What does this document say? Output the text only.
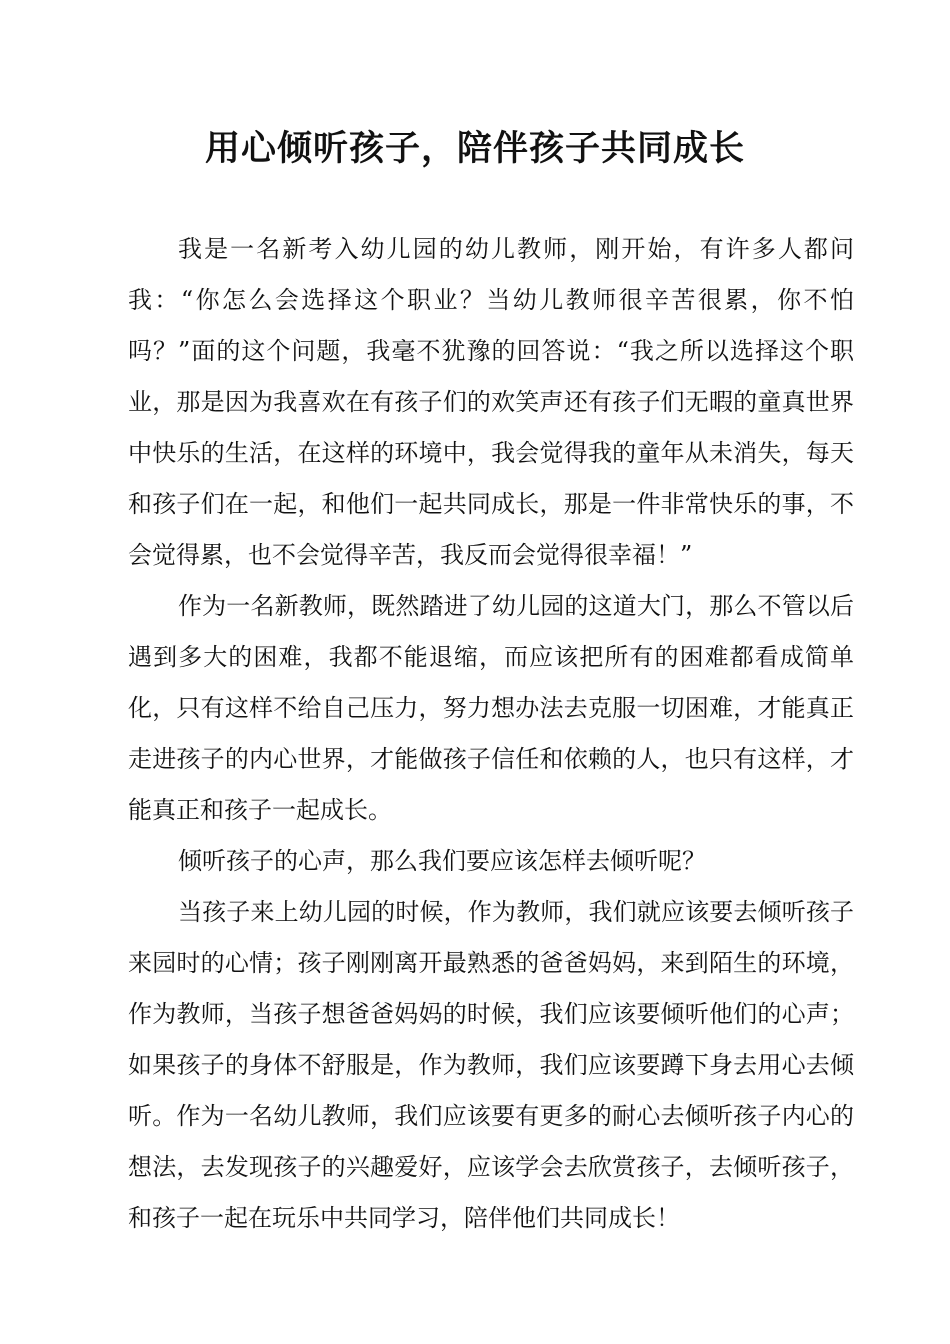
用心倾听孩子，陪伴孩子共同成长

我是一名新考入幼儿园的幼儿教师，刚开始，有许多人都问我：“你怎么会选择这个职业？当幼儿教师很辛苦很累，你不怕吗？”面的这个问题，我毫不犹豫的回答说：“我之所以选择这个职业，那是因为我喜欢在有孩子们的欢笑声还有孩子们无暇的童真世界中快乐的生活，在这样的环境中，我会觉得我的童年从未消失，每天和孩子们在一起，和他们一起共同成长，那是一件非常快乐的事，不会觉得累，也不会觉得辛苦，我反而会觉得很幸福！”

作为一名新教师，既然踏进了幼儿园的这道大门，那么不管以后遇到多大的困难，我都不能退缩，而应该把所有的困难都看成简单化，只有这样不给自己压力，努力想办法去克服一切困难，才能真正走进孩子的内心世界，才能做孩子信任和依赖的人，也只有这样，才能真正和孩子一起成长。

倾听孩子的心声，那么我们要应该怎样去倾听呢？

当孩子来上幼儿园的时候，作为教师，我们就应该要去倾听孩子来园时的心情；孩子刚刚离开最熟悉的爸爸妈妈，来到陌生的环境，作为教师，当孩子想爸爸妈妈的时候，我们应该要倾听他们的心声；如果孩子的身体不舒服是，作为教师，我们应该要蹲下身去用心去倾听。作为一名幼儿教师，我们应该要有更多的耐心去倾听孩子内心的想法，去发现孩子的兴趣爱好，应该学会去欣赏孩子，去倾听孩子，和孩子一起在玩乐中共同学习，陪伴他们共同成长！
